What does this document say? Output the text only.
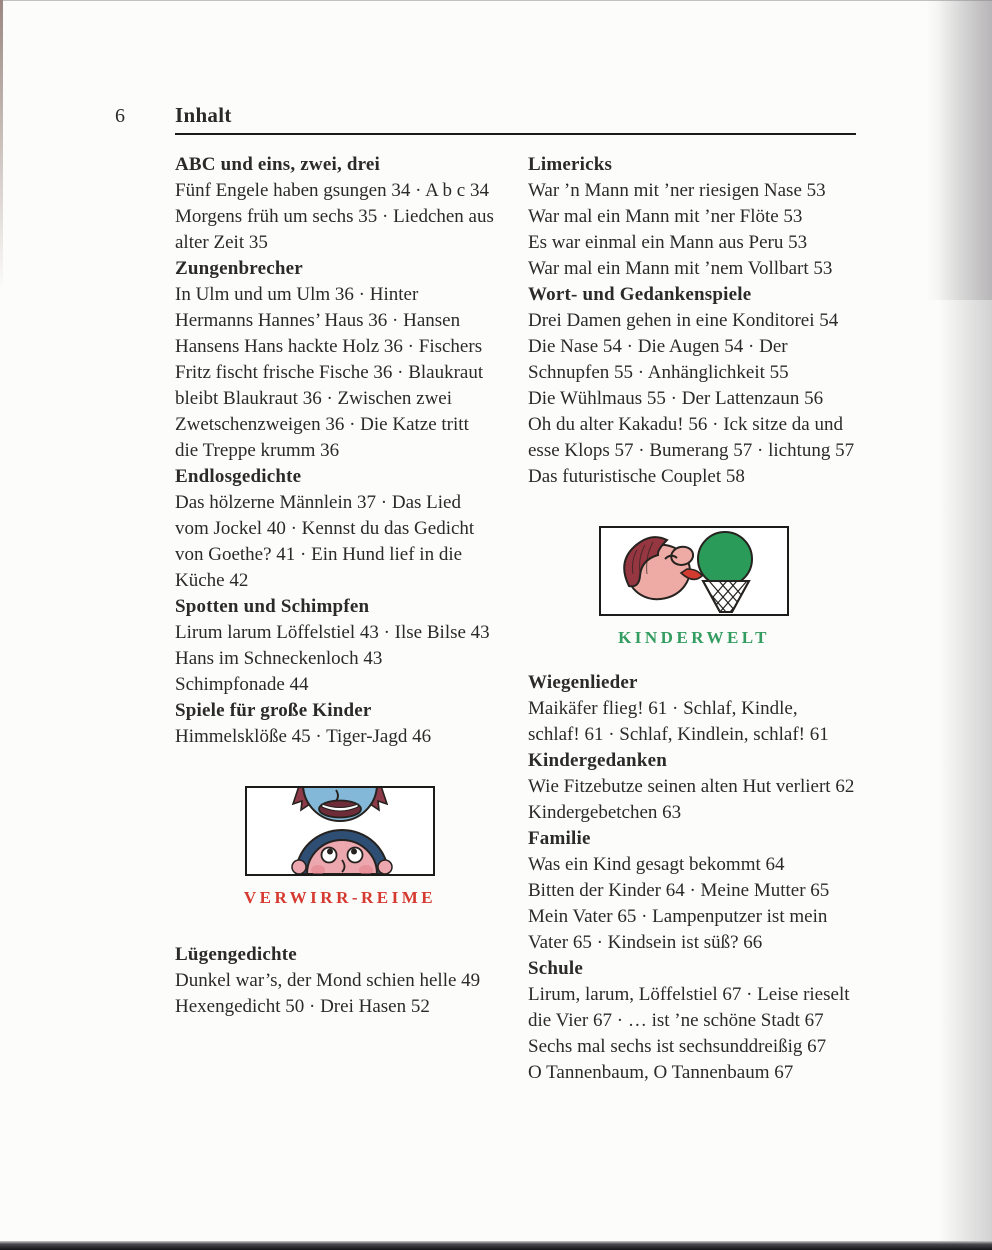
6 Inhalt
ABC und eins, zwei, drei
Fünf Engele haben gsungen 34 · A b c 34
Morgens früh um sechs 35 · Liedchen aus
alter Zeit 35
Zungenbrecher
In Ulm und um Ulm 36 · Hinter
Hermanns Hannes’ Haus 36 · Hansen
Hansens Hans hackte Holz 36 · Fischers
Fritz fischt frische Fische 36 · Blaukraut
bleibt Blaukraut 36 · Zwischen zwei
Zwetschenzweigen 36 · Die Katze tritt
die Treppe krumm 36
Endlosgedichte
Das hölzerne Männlein 37 · Das Lied
vom Jockel 40 · Kennst du das Gedicht
von Goethe? 41 · Ein Hund lief in die
Küche 42
Spotten und Schimpfen
Lirum larum Löffelstiel 43 · Ilse Bilse 43
Hans im Schneckenloch 43
Schimpfonade 44
Spiele für große Kinder
Himmelsklöße 45 · Tiger-Jagd 46
VERWIRR-REIME
Lügengedichte
Dunkel war’s, der Mond schien helle 49
Hexengedicht 50 · Drei Hasen 52
Limericks
War ’n Mann mit ’ner riesigen Nase 53
War mal ein Mann mit ’ner Flöte 53
Es war einmal ein Mann aus Peru 53
War mal ein Mann mit ’nem Vollbart 53
Wort- und Gedankenspiele
Drei Damen gehen in eine Konditorei 54
Die Nase 54 · Die Augen 54 · Der
Schnupfen 55 · Anhänglichkeit 55
Die Wühlmaus 55 · Der Lattenzaun 56
Oh du alter Kakadu! 56 · Ick sitze da und
esse Klops 57 · Bumerang 57 · lichtung 57
Das futuristische Couplet 58
KINDERWELT
Wiegenlieder
Maikäfer flieg! 61 · Schlaf, Kindle,
schlaf! 61 · Schlaf, Kindlein, schlaf! 61
Kindergedanken
Wie Fitzebutze seinen alten Hut verliert 62
Kindergebetchen 63
Familie
Was ein Kind gesagt bekommt 64
Bitten der Kinder 64 · Meine Mutter 65
Mein Vater 65 · Lampenputzer ist mein
Vater 65 · Kindsein ist süß? 66
Schule
Lirum, larum, Löffelstiel 67 · Leise rieselt
die Vier 67 · … ist ’ne schöne Stadt 67
Sechs mal sechs ist sechsunddreißig 67
O Tannenbaum, O Tannenbaum 67
